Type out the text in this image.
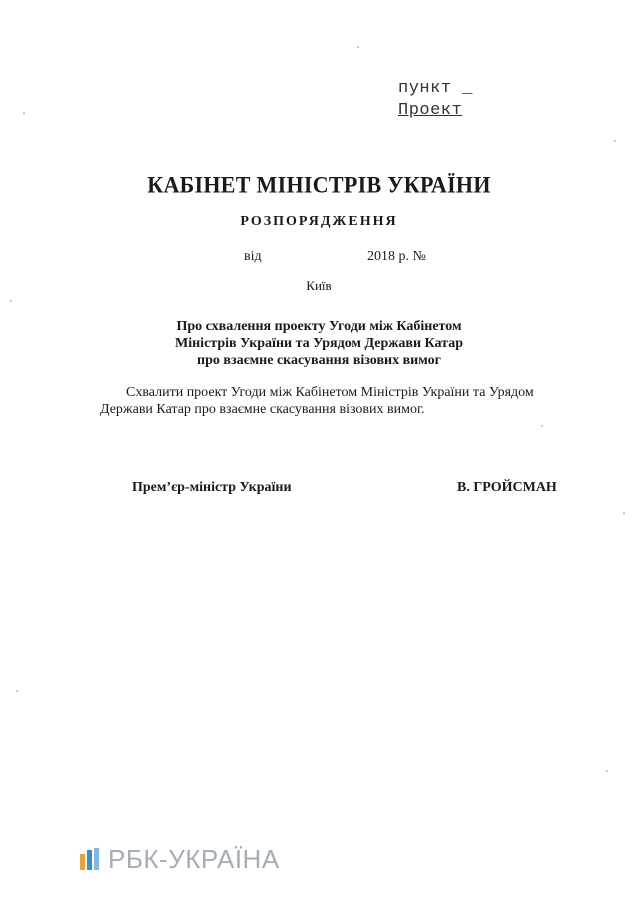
пункт _
Проект
КАБІНЕТ МІНІСТРІВ УКРАЇНИ
РОЗПОРЯДЖЕННЯ
від	2018 р. №
Київ
Про схвалення проекту Угоди між Кабінетом
Міністрів України та Урядом Держави Катар
про взаємне скасування візових вимог
Схвалити проект Угоди між Кабінетом Міністрів України та Урядом
Держави Катар про взаємне скасування візових вимог.
Прем’єр-міністр України	В. ГРОЙСМАН
РБК-УКРАЇНА
